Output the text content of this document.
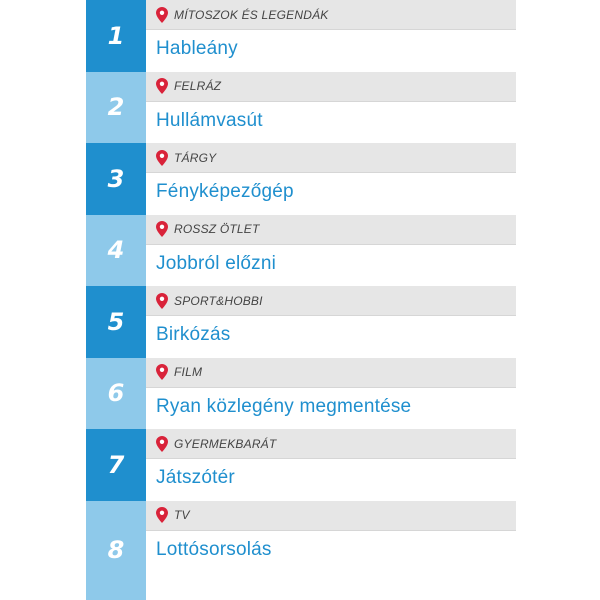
1
MÍTOSZOK ÉS LEGENDÁK
Hableány
2
FELRÁZ
Hullámvasút
3
TÁRGY
Fényképezőgép
4
ROSSZ ÖTLET
Jobbról előzni
5
SPORT&HOBBI
Birkózás
6
FILM
Ryan közlegény megmentése
7
GYERMEKBARÁT
Játszótér
8
TV
Lottósorsolás
